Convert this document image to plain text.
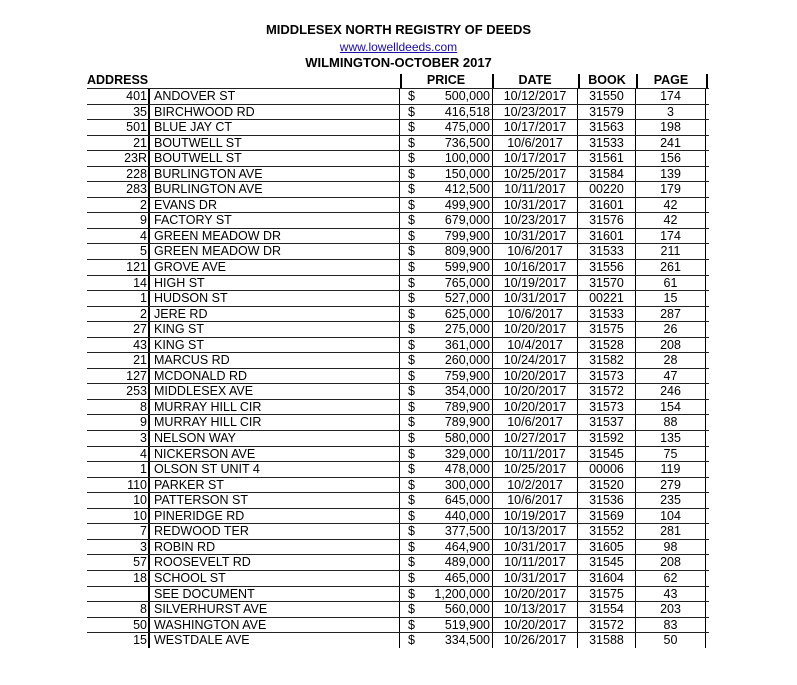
MIDDLESEX NORTH REGISTRY OF DEEDS
www.lowelldeeds.com
WILMINGTON-OCTOBER 2017
ADDRESS	PRICE	DATE	BOOK	PAGE
401 ANDOVER ST	$	500,000	10/12/2017	31550	174
35 BIRCHWOOD RD	$	416,518	10/23/2017	31579	3
501 BLUE JAY CT	$	475,000	10/17/2017	31563	198
21 BOUTWELL ST	$	736,500	10/6/2017	31533	241
23R BOUTWELL ST	$	100,000	10/17/2017	31561	156
228 BURLINGTON AVE	$	150,000	10/25/2017	31584	139
283 BURLINGTON AVE	$	412,500	10/11/2017	00220	179
2 EVANS DR	$	499,900	10/31/2017	31601	42
9 FACTORY ST	$	679,000	10/23/2017	31576	42
4 GREEN MEADOW DR	$	799,900	10/31/2017	31601	174
5 GREEN MEADOW DR	$	809,900	10/6/2017	31533	211
121 GROVE AVE	$	599,900	10/16/2017	31556	261
14 HIGH ST	$	765,000	10/19/2017	31570	61
1 HUDSON ST	$	527,000	10/31/2017	00221	15
2 JERE RD	$	625,000	10/6/2017	31533	287
27 KING ST	$	275,000	10/20/2017	31575	26
43 KING ST	$	361,000	10/4/2017	31528	208
21 MARCUS RD	$	260,000	10/24/2017	31582	28
127 MCDONALD RD	$	759,900	10/20/2017	31573	47
253 MIDDLESEX AVE	$	354,000	10/20/2017	31572	246
8 MURRAY HILL CIR	$	789,900	10/20/2017	31573	154
9 MURRAY HILL CIR	$	789,900	10/6/2017	31537	88
3 NELSON WAY	$	580,000	10/27/2017	31592	135
4 NICKERSON AVE	$	329,000	10/11/2017	31545	75
1 OLSON ST UNIT 4	$	478,000	10/25/2017	00006	119
110 PARKER ST	$	300,000	10/2/2017	31520	279
10 PATTERSON ST	$	645,000	10/6/2017	31536	235
10 PINERIDGE RD	$	440,000	10/19/2017	31569	104
7 REDWOOD TER	$	377,500	10/13/2017	31552	281
3 ROBIN RD	$	464,900	10/31/2017	31605	98
57 ROOSEVELT RD	$	489,000	10/11/2017	31545	208
18 SCHOOL ST	$	465,000	10/31/2017	31604	62
SEE DOCUMENT	$	1,200,000	10/20/2017	31575	43
8 SILVERHURST AVE	$	560,000	10/13/2017	31554	203
50 WASHINGTON AVE	$	519,900	10/20/2017	31572	83
15 WESTDALE AVE	$	334,500	10/26/2017	31588	50
